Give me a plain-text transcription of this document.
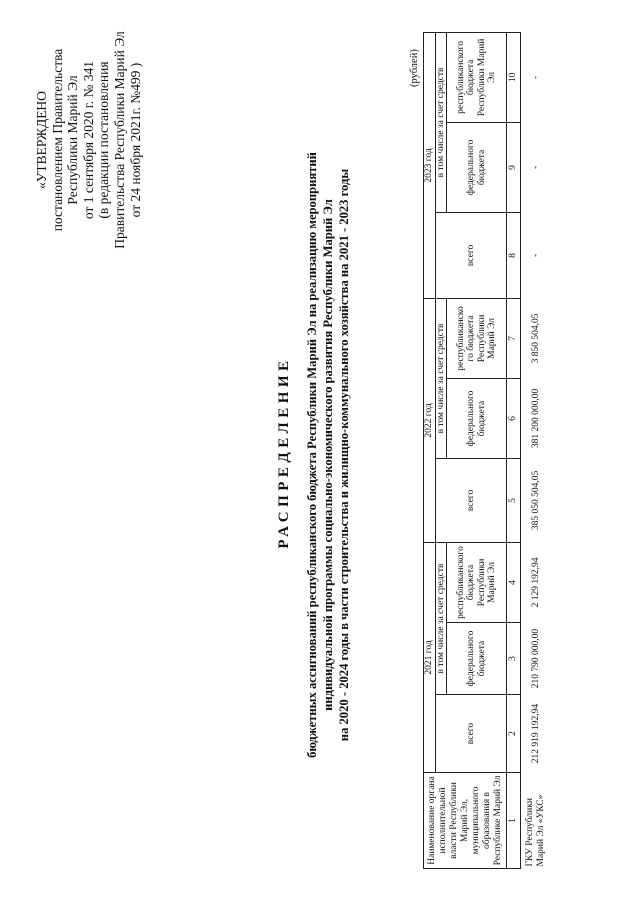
«УТВЕРЖДЕНО постановлением Правительства Республики Марий Эл от 1 сентября 2020 г. № 341 (в редакции постановления Правительства Республики Марий Эл от 24 ноября 2021г. №499 )
РАСПРЕДЕЛЕНИЕ бюджетных ассигнований республиканского бюджета Республики Марий Эл на реализацию мероприятий индивидуальной программы социально-экономического развития Республики Марий Эл на 2020 - 2024 годы в части строительства и жилищно-коммунального хозяйства на 2021 - 2023 годы
(рублей)
Наименование органа исполнительной власти Республики Марий Эл, муниципального образования в Республике Марий Эл	2021 год			2022 год			2023 год		
	всего	в том числе за счет средств		всего	в том числе за счет средств		всего	в том числе за счет средств	
		федерального бюджета	республиканского бюджета Республики Марий Эл		федерального бюджета	республиканско го бюджета Республики Марий Эл		федерального бюджета	республиканского бюджета Республики Марий Эл
1	2	3	4	5	6	7	8	9	10
ГКУ Республики Марий Эл «УКС»	212 919 192,94	210 790 000,00	2 129 192,94	385 050 504,05	381 200 000,00	3 850 504,05	-	-	-
